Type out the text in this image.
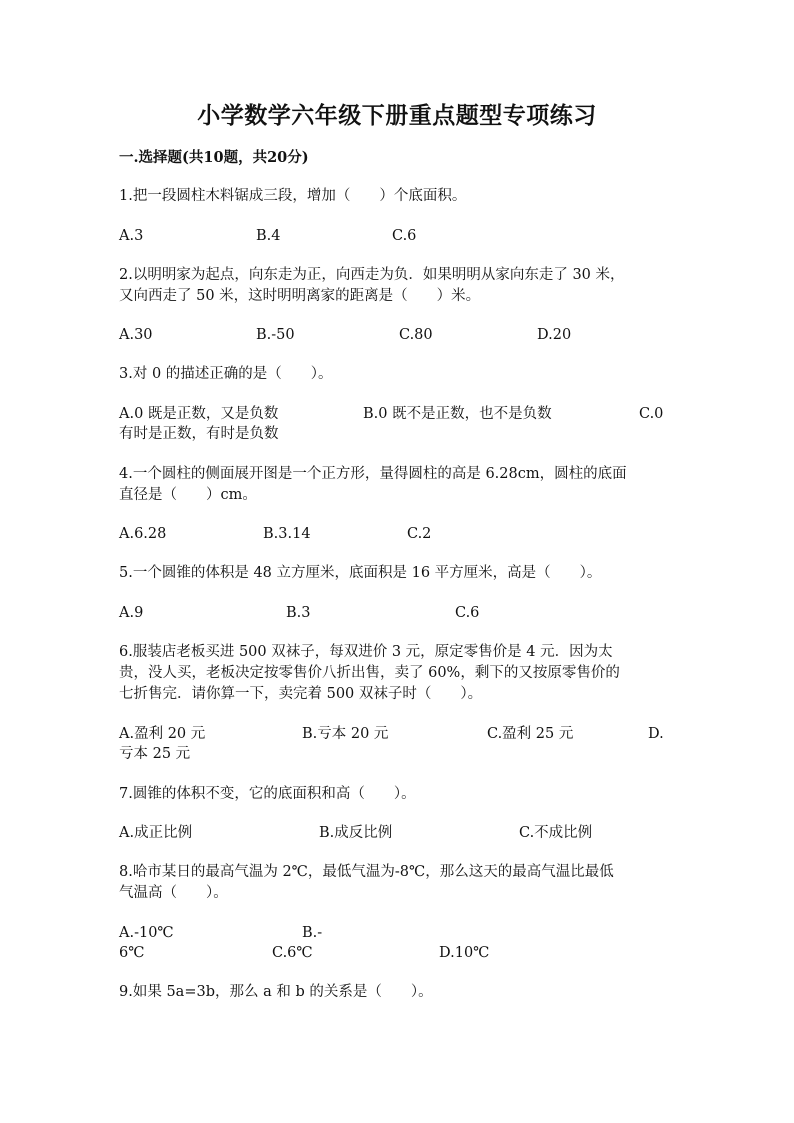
小学数学六年级下册重点题型专项练习
一.选择题(共10题，共20分)
1.把一段圆柱木料锯成三段，增加（　　）个底面积。
A.3	B.4	C.6
2.以明明家为起点，向东走为正，向西走为负．如果明明从家向东走了 30 米，
又向西走了 50 米，这时明明离家的距离是（　　）米。
A.30	B.-50	C.80	D.20
3.对 0 的描述正确的是（　　）。
A.0 既是正数，又是负数	B.0 既不是正数，也不是负数	C.0
有时是正数，有时是负数
4.一个圆柱的侧面展开图是一个正方形，量得圆柱的高是 6.28cm，圆柱的底面
直径是（　　）cm。
A.6.28	B.3.14	C.2
5.一个圆锥的体积是 48 立方厘米，底面积是 16 平方厘米，高是（　　）。
A.9	B.3	C.6
6.服装店老板买进 500 双袜子，每双进价 3 元，原定零售价是 4 元．因为太
贵，没人买，老板决定按零售价八折出售，卖了 60%，剩下的又按原零售价的
七折售完．请你算一下，卖完着 500 双袜子时（　　）。
A.盈利 20 元	B.亏本 20 元	C.盈利 25 元	D.
亏本 25 元
7.圆锥的体积不变，它的底面积和高（　　）。
A.成正比例	B.成反比例	C.不成比例
8.哈市某日的最高气温为 2℃，最低气温为-8℃，那么这天的最高气温比最低
气温高（　　）。
A.-10℃	B.-
6℃	C.6℃	D.10℃
9.如果 5a=3b，那么 a 和 b 的关系是（　　）。
